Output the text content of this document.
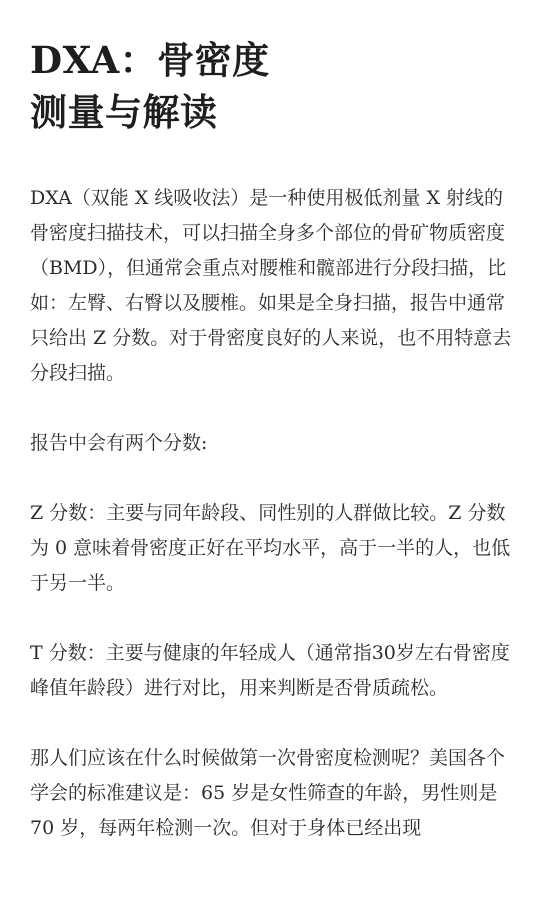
DXA：骨密度
测量与解读

DXA（双能 X 线吸收法）是一种使用极低剂量 X 射线的骨密度扫描技术，可以扫描全身多个部位的骨矿物质密度（BMD），但通常会重点对腰椎和髋部进行分段扫描，比如：左臀、右臀以及腰椎。如果是全身扫描，报告中通常只给出 Z 分数。对于骨密度良好的人来说，也不用特意去分段扫描。

报告中会有两个分数:

Z 分数：主要与同年龄段、同性别的人群做比较。Z 分数为 0 意味着骨密度正好在平均水平，高于一半的人，也低于另一半。

T 分数：主要与健康的年轻成人（通常指30岁左右骨密度峰值年龄段）进行对比，用来判断是否骨质疏松。

那人们应该在什么时候做第一次骨密度检测呢？美国各个学会的标准建议是：65 岁是女性筛查的年龄，男性则是 70 岁，每两年检测一次。但对于身体已经出现
